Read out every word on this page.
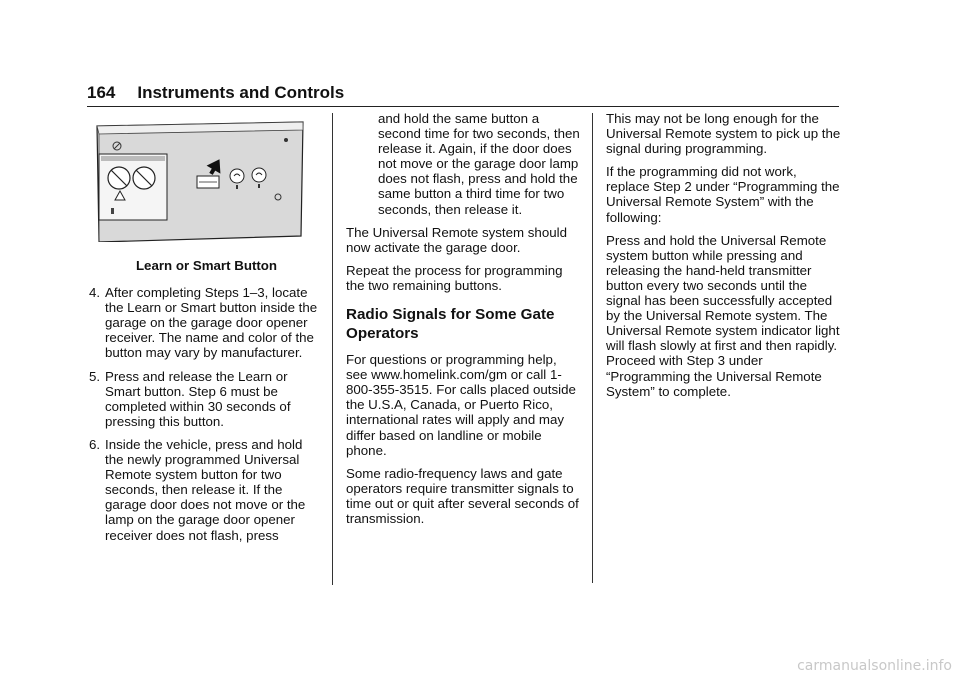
164 Instruments and Controls
Learn or Smart Button
4. After completing Steps 1–3, locate the Learn or Smart button inside the garage on the garage door opener receiver. The name and color of the button may vary by manufacturer.
5. Press and release the Learn or Smart button. Step 6 must be completed within 30 seconds of pressing this button.
6. Inside the vehicle, press and hold the newly programmed Universal Remote system button for two seconds, then release it. If the garage door does not move or the lamp on the garage door opener receiver does not flash, press

and hold the same button a second time for two seconds, then release it. Again, if the door does not move or the garage door lamp does not flash, press and hold the same button a third time for two seconds, then release it.

The Universal Remote system should now activate the garage door.

Repeat the process for programming the two remaining buttons.

Radio Signals for Some Gate Operators

For questions or programming help, see www.homelink.com/gm or call 1-800-355-3515. For calls placed outside the U.S.A, Canada, or Puerto Rico, international rates will apply and may differ based on landline or mobile phone.

Some radio-frequency laws and gate operators require transmitter signals to time out or quit after several seconds of transmission.

This may not be long enough for the Universal Remote system to pick up the signal during programming.

If the programming did not work, replace Step 2 under “Programming the Universal Remote System” with the following:

Press and hold the Universal Remote system button while pressing and releasing the hand-held transmitter button every two seconds until the signal has been successfully accepted by the Universal Remote system. The Universal Remote system indicator light will flash slowly at first and then rapidly. Proceed with Step 3 under “Programming the Universal Remote System” to complete.

carmanualsonline.info
